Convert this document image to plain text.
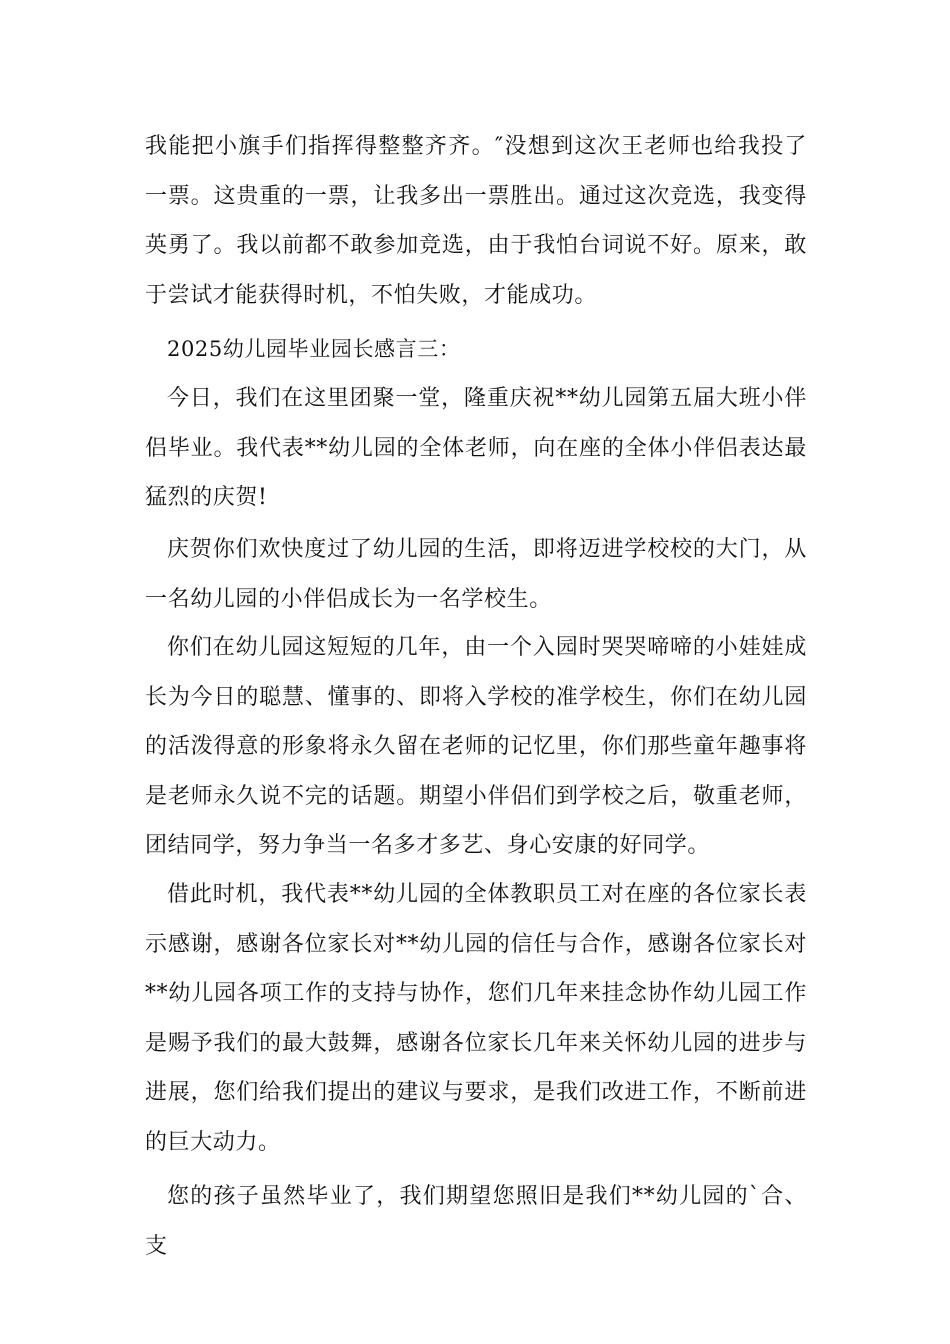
我能把小旗手们指挥得整整齐齐。″没想到这次王老师也给我投了一票。这贵重的一票，让我多出一票胜出。通过这次竞选，我变得英勇了。我以前都不敢参加竞选，由于我怕台词说不好。原来，敢于尝试才能获得时机，不怕失败，才能成功。

2025幼儿园毕业园长感言三：

今日，我们在这里团聚一堂，隆重庆祝**幼儿园第五届大班小伴侣毕业。我代表**幼儿园的全体老师，向在座的全体小伴侣表达最猛烈的庆贺!

庆贺你们欢快度过了幼儿园的生活，即将迈进学校校的大门，从一名幼儿园的小伴侣成长为一名学校生。

你们在幼儿园这短短的几年，由一个入园时哭哭啼啼的小娃娃成长为今日的聪慧、懂事的、即将入学校的准学校生，你们在幼儿园的活泼得意的形象将永久留在老师的记忆里，你们那些童年趣事将是老师永久说不完的话题。期望小伴侣们到学校之后，敬重老师，团结同学，努力争当一名多才多艺、身心安康的好同学。

借此时机，我代表**幼儿园的全体教职员工对在座的各位家长表示感谢，感谢各位家长对**幼儿园的信任与合作，感谢各位家长对**幼儿园各项工作的支持与协作，您们几年来挂念协作幼儿园工作是赐予我们的最大鼓舞，感谢各位家长几年来关怀幼儿园的进步与进展，您们给我们提出的建议与要求，是我们改进工作，不断前进的巨大动力。

您的孩子虽然毕业了，我们期望您照旧是我们**幼儿园的`合、支
